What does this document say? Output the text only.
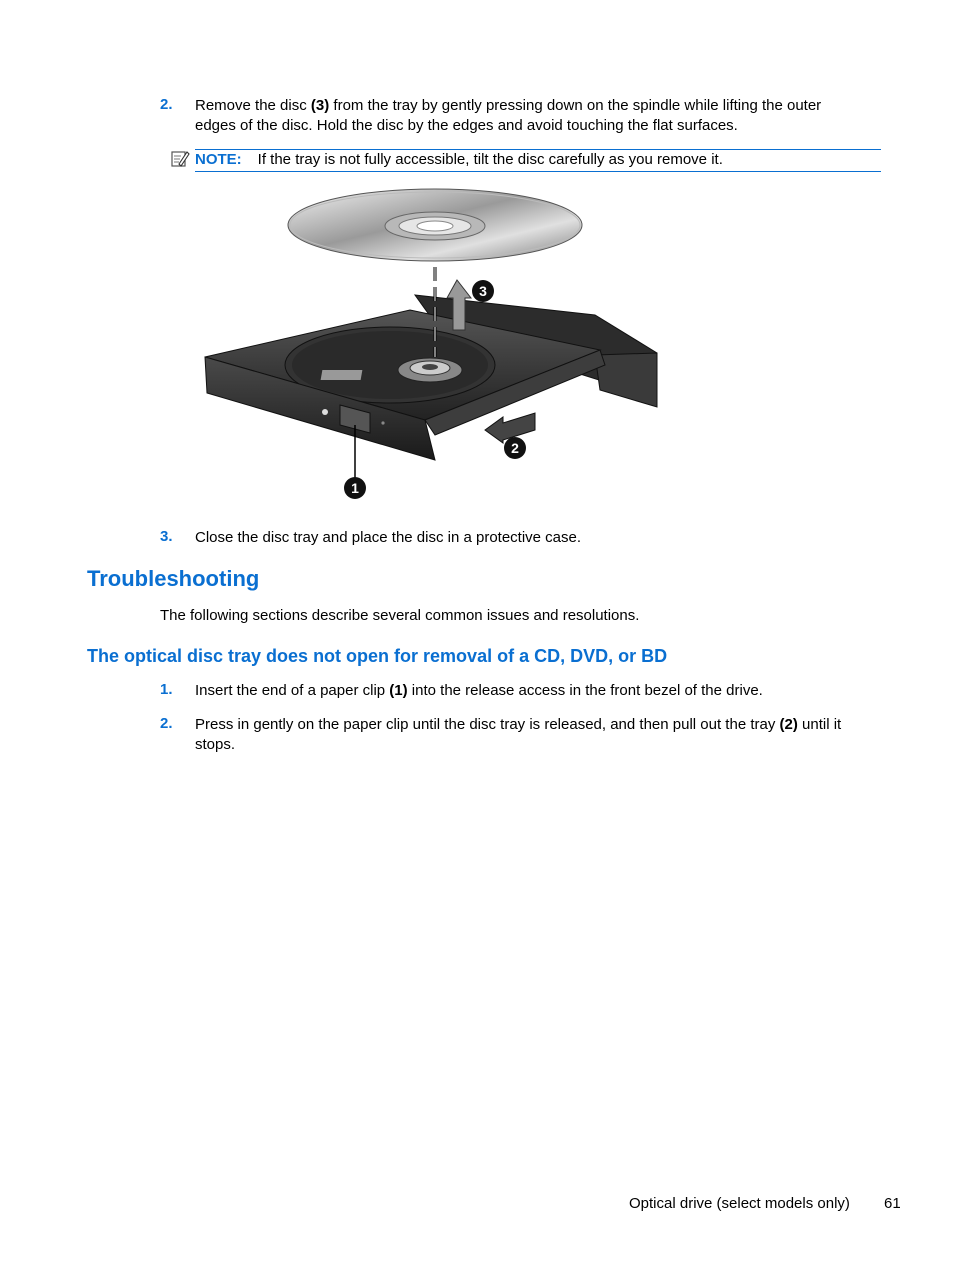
2. Remove the disc (3) from the tray by gently pressing down on the spindle while lifting the outer
edges of the disc. Hold the disc by the edges and avoid touching the flat surfaces.
NOTE: If the tray is not fully accessible, tilt the disc carefully as you remove it.
3
2
1
3. Close the disc tray and place the disc in a protective case.
Troubleshooting
The following sections describe several common issues and resolutions.
The optical disc tray does not open for removal of a CD, DVD, or BD
1. Insert the end of a paper clip (1) into the release access in the front bezel of the drive.
2. Press in gently on the paper clip until the disc tray is released, and then pull out the tray (2) until it
stops.
Optical drive (select models only) 61
